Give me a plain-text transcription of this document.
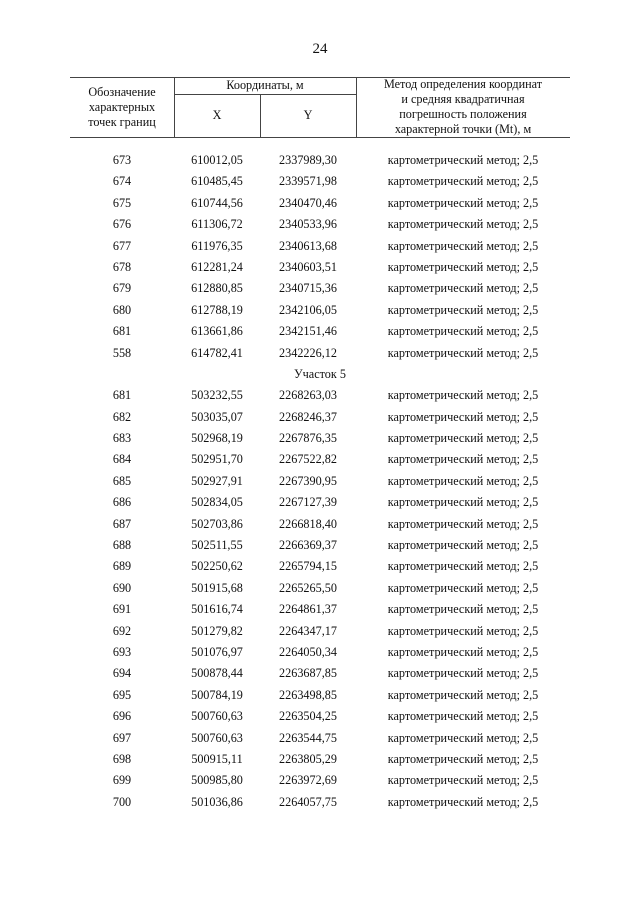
24
Обозначение
характерных
точек границ
Координаты, м
X	Y
Метод определения координат
и средняя квадратичная
погрешность положения
характерной точки (Mt), м
673	610012,05	2337989,30	картометрический метод; 2,5
674	610485,45	2339571,98	картометрический метод; 2,5
675	610744,56	2340470,46	картометрический метод; 2,5
676	611306,72	2340533,96	картометрический метод; 2,5
677	611976,35	2340613,68	картометрический метод; 2,5
678	612281,24	2340603,51	картометрический метод; 2,5
679	612880,85	2340715,36	картометрический метод; 2,5
680	612788,19	2342106,05	картометрический метод; 2,5
681	613661,86	2342151,46	картометрический метод; 2,5
558	614782,41	2342226,12	картометрический метод; 2,5
Участок 5
681	503232,55	2268263,03	картометрический метод; 2,5
682	503035,07	2268246,37	картометрический метод; 2,5
683	502968,19	2267876,35	картометрический метод; 2,5
684	502951,70	2267522,82	картометрический метод; 2,5
685	502927,91	2267390,95	картометрический метод; 2,5
686	502834,05	2267127,39	картометрический метод; 2,5
687	502703,86	2266818,40	картометрический метод; 2,5
688	502511,55	2266369,37	картометрический метод; 2,5
689	502250,62	2265794,15	картометрический метод; 2,5
690	501915,68	2265265,50	картометрический метод; 2,5
691	501616,74	2264861,37	картометрический метод; 2,5
692	501279,82	2264347,17	картометрический метод; 2,5
693	501076,97	2264050,34	картометрический метод; 2,5
694	500878,44	2263687,85	картометрический метод; 2,5
695	500784,19	2263498,85	картометрический метод; 2,5
696	500760,63	2263504,25	картометрический метод; 2,5
697	500760,63	2263544,75	картометрический метод; 2,5
698	500915,11	2263805,29	картометрический метод; 2,5
699	500985,80	2263972,69	картометрический метод; 2,5
700	501036,86	2264057,75	картометрический метод; 2,5
